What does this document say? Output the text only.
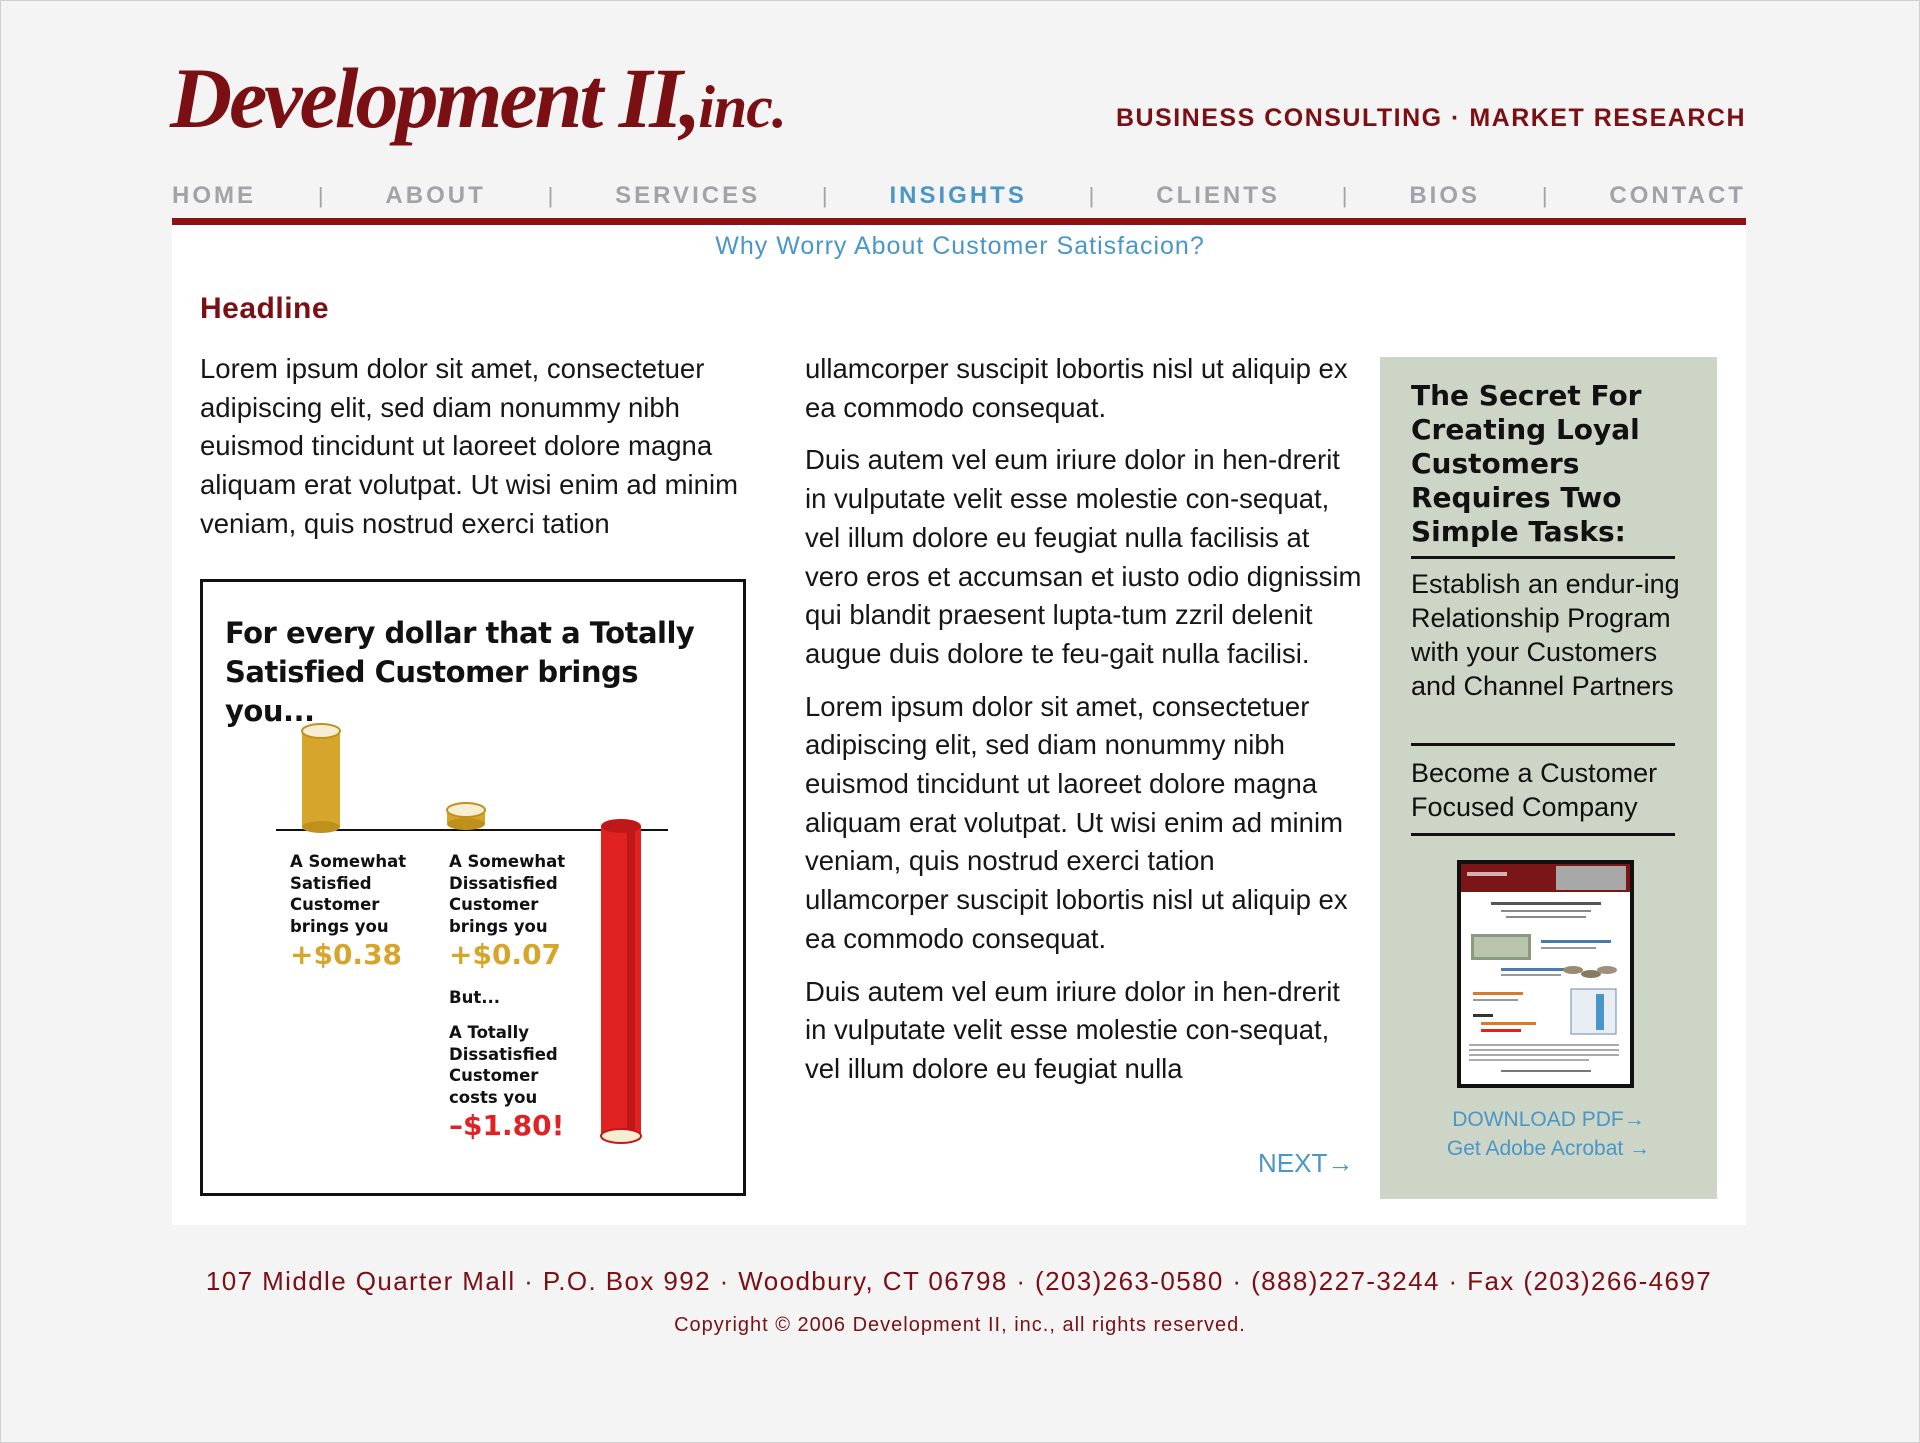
Development II,inc.	BUSINESS CONSULTING · MARKET RESEARCH
HOME	|	ABOUT	|	SERVICES	|	INSIGHTS	|	CLIENTS	|	BIOS	|	CONTACT
Why Worry About Customer Satisfacion?
Headline

Lorem ipsum dolor sit amet, consectetuer adipiscing elit, sed diam nonummy nibh euismod tincidunt ut laoreet dolore magna aliquam erat volutpat. Ut wisi enim ad minim veniam, quis nostrud exerci tation

ullamcorper suscipit lobortis nisl ut aliquip ex ea commodo consequat.

Duis autem vel eum iriure dolor in hen-drerit in vulputate velit esse molestie con-sequat, vel illum dolore eu feugiat nulla facilisis at vero eros et accumsan et iusto odio dignissim qui blandit praesent lupta-tum zzril delenit augue duis dolore te feu-gait nulla facilisi.

Lorem ipsum dolor sit amet, consectetuer adipiscing elit, sed diam nonummy nibh euismod tincidunt ut laoreet dolore magna aliquam erat volutpat. Ut wisi enim ad minim veniam, quis nostrud exerci tation ullamcorper suscipit lobortis nisl ut aliquip ex ea commodo consequat.

Duis autem vel eum iriure dolor in hen-drerit in vulputate velit esse molestie con-sequat, vel illum dolore eu feugiat nulla

For every dollar that a Totally Satisfied Customer brings you...
A Somewhat Satisfied Customer brings you
+$0.38
A Somewhat Dissatisfied Customer brings you
+$0.07
But...
A Totally Dissatisfied Customer costs you
–$1.80!
NEXT→
The Secret For Creating Loyal Customers Requires Two Simple Tasks:
Establish an endur-ing Relationship Program with your Customers and Channel Partners
Become a Customer Focused Company
DOWNLOAD PDF→
Get Adobe Acrobat →
107 Middle Quarter Mall · P.O. Box 992 · Woodbury, CT 06798 · (203)263-0580 · (888)227-3244 · Fax (203)266-4697
Copyright © 2006 Development II, inc., all rights reserved.
